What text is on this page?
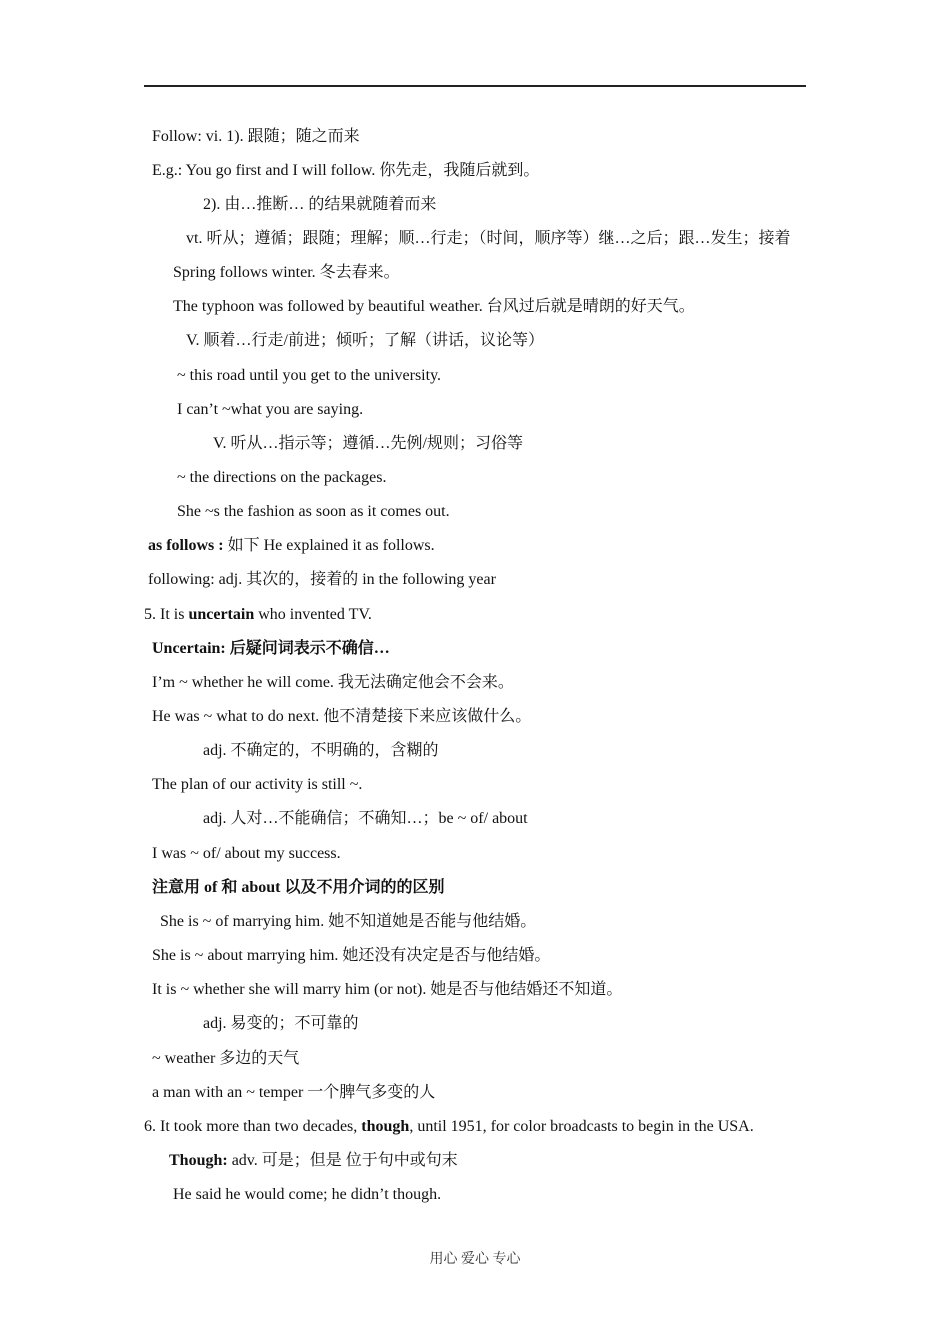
Follow: vi. 1). 跟随；随之而来
E.g.: You go first and I will follow. 你先走，我随后就到。
2). 由…推断… 的结果就随着而来
vt. 听从；遵循；跟随；理解；顺…行走；（时间，顺序等）继…之后；跟…发生；接着
Spring follows winter. 冬去春来。
The typhoon was followed by beautiful weather. 台风过后就是晴朗的好天气。
V. 顺着…行走/前进；倾听；了解（讲话，议论等）
~ this road until you get to the university.
I can’t ~what you are saying.
V. 听从…指示等；遵循…先例/规则；习俗等
~ the directions on the packages.
She ~s the fashion as soon as it comes out.
as follows : 如下 He explained it as follows.
following: adj. 其次的，接着的 in the following year
5. It is uncertain who invented TV.
Uncertain: 后疑问词表示不确信…
I’m ~ whether he will come. 我无法确定他会不会来。
He was ~ what to do next. 他不清楚接下来应该做什么。
adj. 不确定的，不明确的，含糊的
The plan of our activity is still ~.
adj. 人对…不能确信；不确知…；be ~ of/ about
I was ~ of/ about my success.
注意用 of 和 about 以及不用介词的的区别
She is ~ of marrying him. 她不知道她是否能与他结婚。
She is ~ about marrying him. 她还没有决定是否与他结婚。
It is ~ whether she will marry him (or not). 她是否与他结婚还不知道。
adj. 易变的；不可靠的
~ weather 多边的天气
a man with an ~ temper 一个脾气多变的人
6. It took more than two decades, though, until 1951, for color broadcasts to begin in the USA.
Though: adv. 可是；但是 位于句中或句末
He said he would come; he didn’t though.
用心 爱心 专心
